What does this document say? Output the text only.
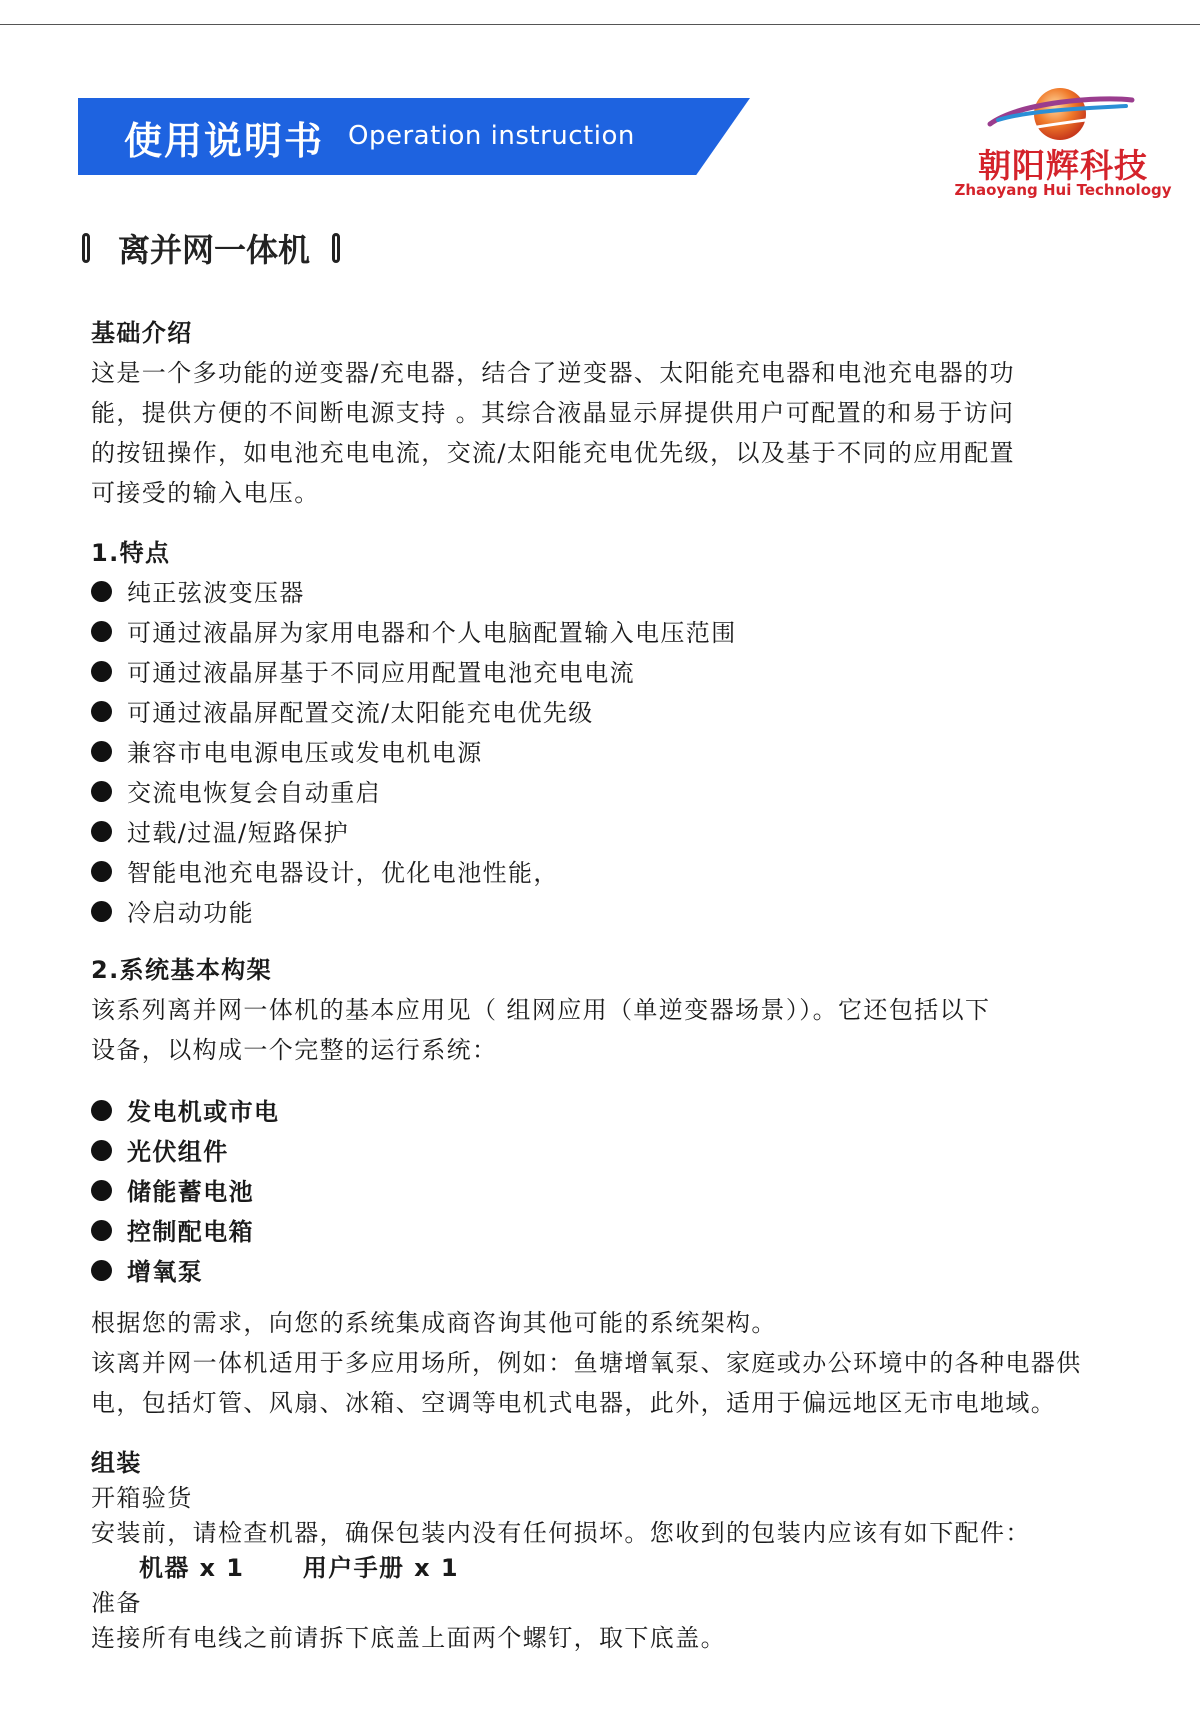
使用说明书 Operation instruction
朝阳辉科技
Zhaoyang Hui Technology
离并网一体机
基础介绍
这是一个多功能的逆变器/充电器，结合了逆变器、太阳能充电器和电池充电器的功
能，提供方便的不间断电源支持 。其综合液晶显示屏提供用户可配置的和易于访问
的按钮操作，如电池充电电流，交流/太阳能充电优先级，以及基于不同的应用配置
可接受的输入电压。
1.特点
纯正弦波变压器
可通过液晶屏为家用电器和个人电脑配置输入电压范围
可通过液晶屏基于不同应用配置电池充电电流
可通过液晶屏配置交流/太阳能充电优先级
兼容市电电源电压或发电机电源
交流电恢复会自动重启
过载/过温/短路保护
智能电池充电器设计，优化电池性能，
冷启动功能
2.系统基本构架
该系列离并网一体机的基本应用见（ 组网应用（单逆变器场景））。它还包括以下
设备，以构成一个完整的运行系统：
发电机或市电
光伏组件
储能蓄电池
控制配电箱
增氧泵
根据您的需求，向您的系统集成商咨询其他可能的系统架构。
该离并网一体机适用于多应用场所，例如：鱼塘增氧泵、家庭或办公环境中的各种电器供
电，包括灯管、风扇、冰箱、空调等电机式电器，此外，适用于偏远地区无市电地域。
组装
开箱验货
安装前，请检查机器，确保包装内没有任何损坏。您收到的包装内应该有如下配件：
机器 x 1      用户手册 x 1
准备
连接所有电线之前请拆下底盖上面两个螺钉，取下底盖。
